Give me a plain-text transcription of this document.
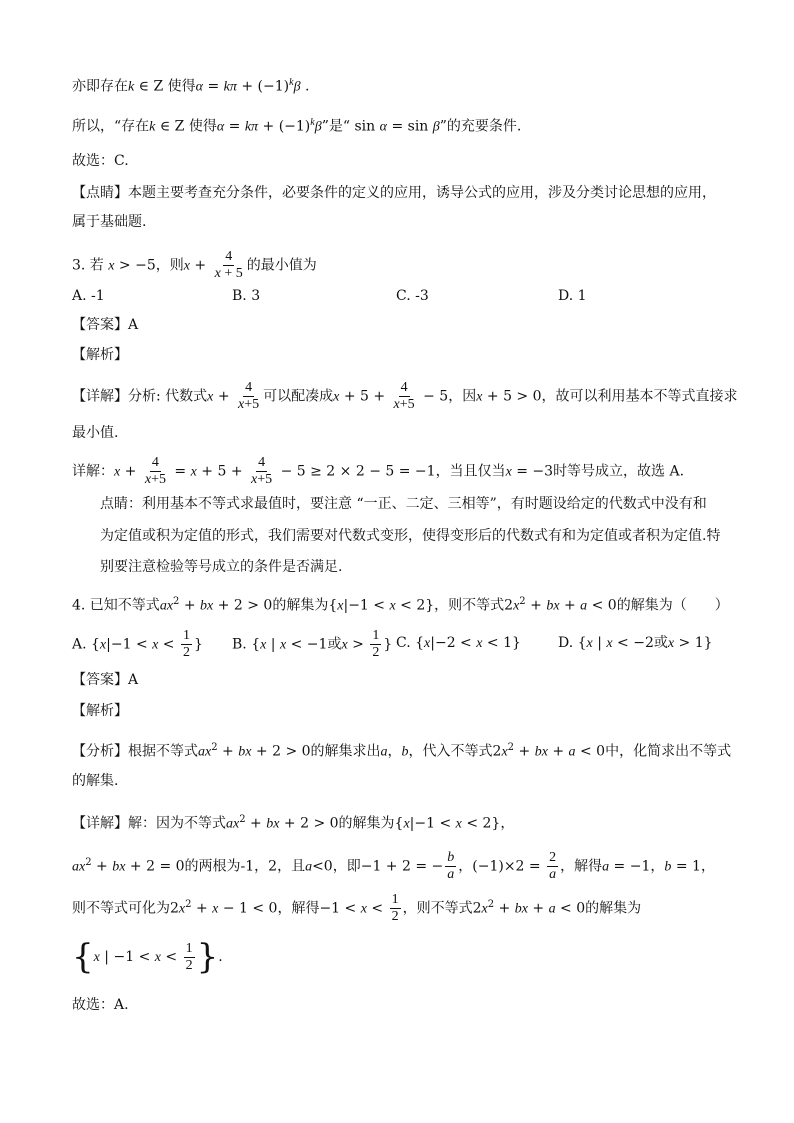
亦即存在k ∈ Z 使得$\alpha = k\pi + (-1)^k\beta$ .
所以，“存在k ∈ Z 使得$\alpha = k\pi + (-1)^k\beta$”是“ sin α = sin β”的充要条件.
故选：C.
【点睛】本题主要考查充分条件，必要条件的定义的应用，诱导公式的应用，涉及分类讨论思想的应用，
属于基础题.
3. 若 x > −5，则$x + \frac{4}{x + 5}$ 的最小值为
A. -1	B. 3	C. -3	D. 1
【答案】A
【解析】
【详解】分析: 代数式$x + \frac{4}{x+5}$ 可以配凑成$x + 5 + \frac{4}{x+5} - 5$，因x + 5 > 0，故可以利用基本不等式直接求
最小值.
详解：$x + \frac{4}{x+5} = x + 5 + \frac{4}{x+5} - 5 \ge 2 \times 2 - 5 = -1$，当且仅当x = −3时等号成立，故选 A.
点睛：利用基本不等式求最值时，要注意 “一正、二定、三相等”，有时题设给定的代数式中没有和
为定值或积为定值的形式，我们需要对代数式变形，使得变形后的代数式有和为定值或者积为定值.特
别要注意检验等号成立的条件是否满足.
4. 已知不等式$ax^2$ + bx + 2 > 0的解集为{x|−1 < x < 2}，则不等式$2x^2$ + bx + a < 0的解集为（　　）
A. {$x|-1 < x < \frac{1}{2}$ } B. {x | x < −1或$x > \frac{1}{2}$ } C. {x|−2 < x < 1}	D. {x | x < −2或x > 1}
【答案】A
【解析】
【分析】根据不等式$ax^2$ + bx + 2 > 0的解集求出a，b，代入不等式$2x^2$ + bx + a < 0中，化简求出不等式
的解集.
【详解】解：因为不等式$ax^2$ + bx + 2 > 0的解集为{x|−1 < x < 2}，
$ax^2$ + bx + 2 = 0的两根为-1，2，且a<0，即−1 + 2 = − $\frac{b}{a}$ ，$(-1)\times 2 = \frac{2}{a}$ ，解得a = −1，b = 1，
则不等式可化为$2x^2 + x - 1 < 0$，解得$-1 < x < \frac{1}{2}$ ，则不等式$2x^2$ + bx + a < 0的解集为
{x | $-1 < x < \frac{1}{2}$ }.
故选：A.
